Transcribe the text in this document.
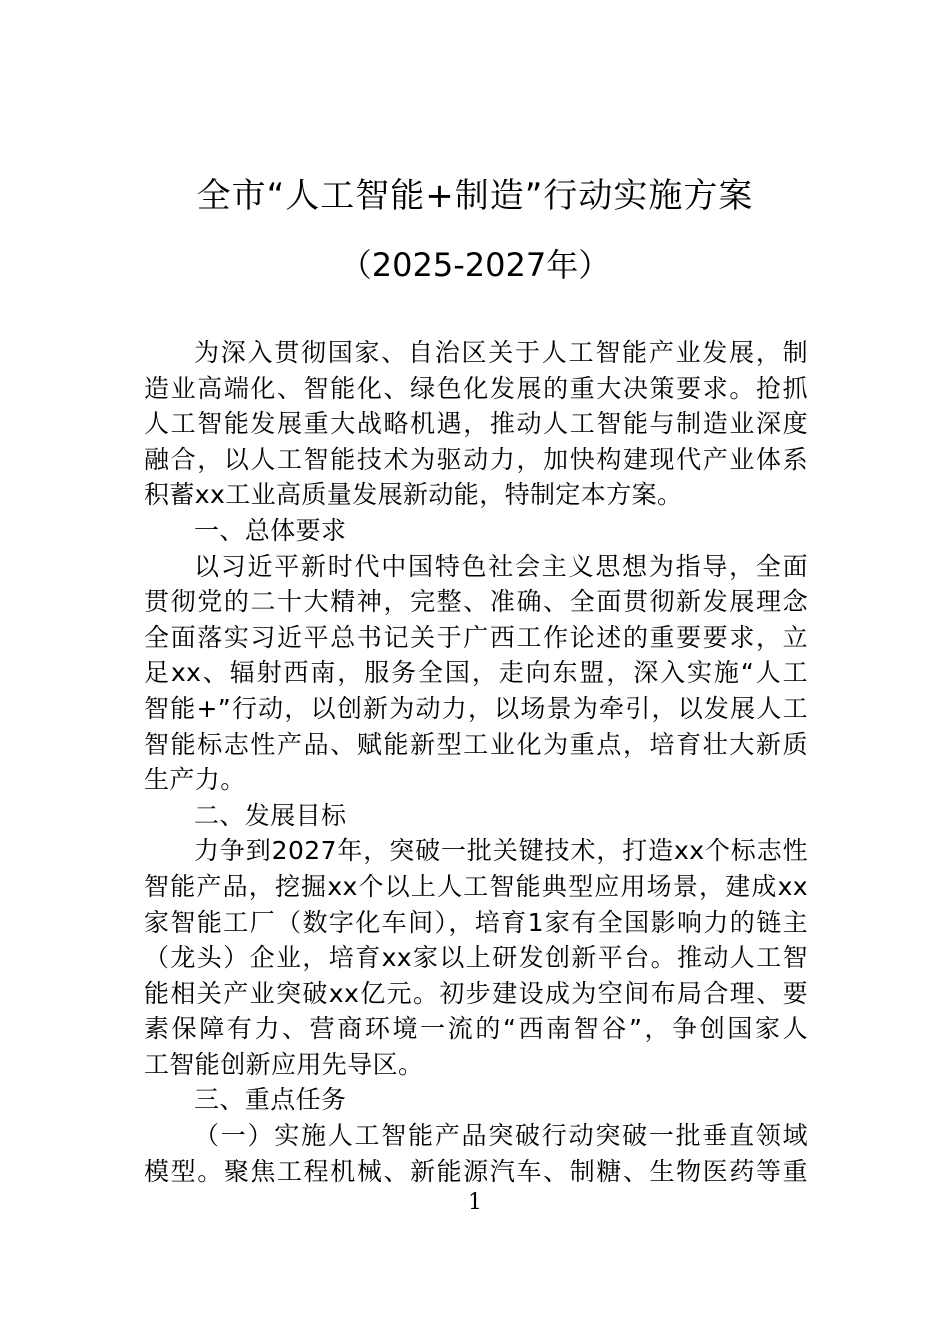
全市“人工智能+制造”行动实施方案
（2025-2027年）
为深入贯彻国家、自治区关于人工智能产业发展，制
造业高端化、智能化、绿色化发展的重大决策要求。抢抓
人工智能发展重大战略机遇，推动人工智能与制造业深度
融合，以人工智能技术为驱动力，加快构建现代产业体系
积蓄xx工业高质量发展新动能，特制定本方案。
一、总体要求
以习近平新时代中国特色社会主义思想为指导，全面
贯彻党的二十大精神，完整、准确、全面贯彻新发展理念
全面落实习近平总书记关于广西工作论述的重要要求，立
足xx、辐射西南，服务全国，走向东盟，深入实施“人工
智能+”行动，以创新为动力，以场景为牵引，以发展人工
智能标志性产品、赋能新型工业化为重点，培育壮大新质
生产力。
二、发展目标
力争到2027年，突破一批关键技术，打造xx个标志性
智能产品，挖掘xx个以上人工智能典型应用场景，建成xx
家智能工厂（数字化车间），培育1家有全国影响力的链主
（龙头）企业，培育xx家以上研发创新平台。推动人工智
能相关产业突破xx亿元。初步建设成为空间布局合理、要
素保障有力、营商环境一流的“西南智谷”，争创国家人
工智能创新应用先导区。
三、重点任务
（一）实施人工智能产品突破行动突破一批垂直领域
模型。聚焦工程机械、新能源汽车、制糖、生物医药等重
1
